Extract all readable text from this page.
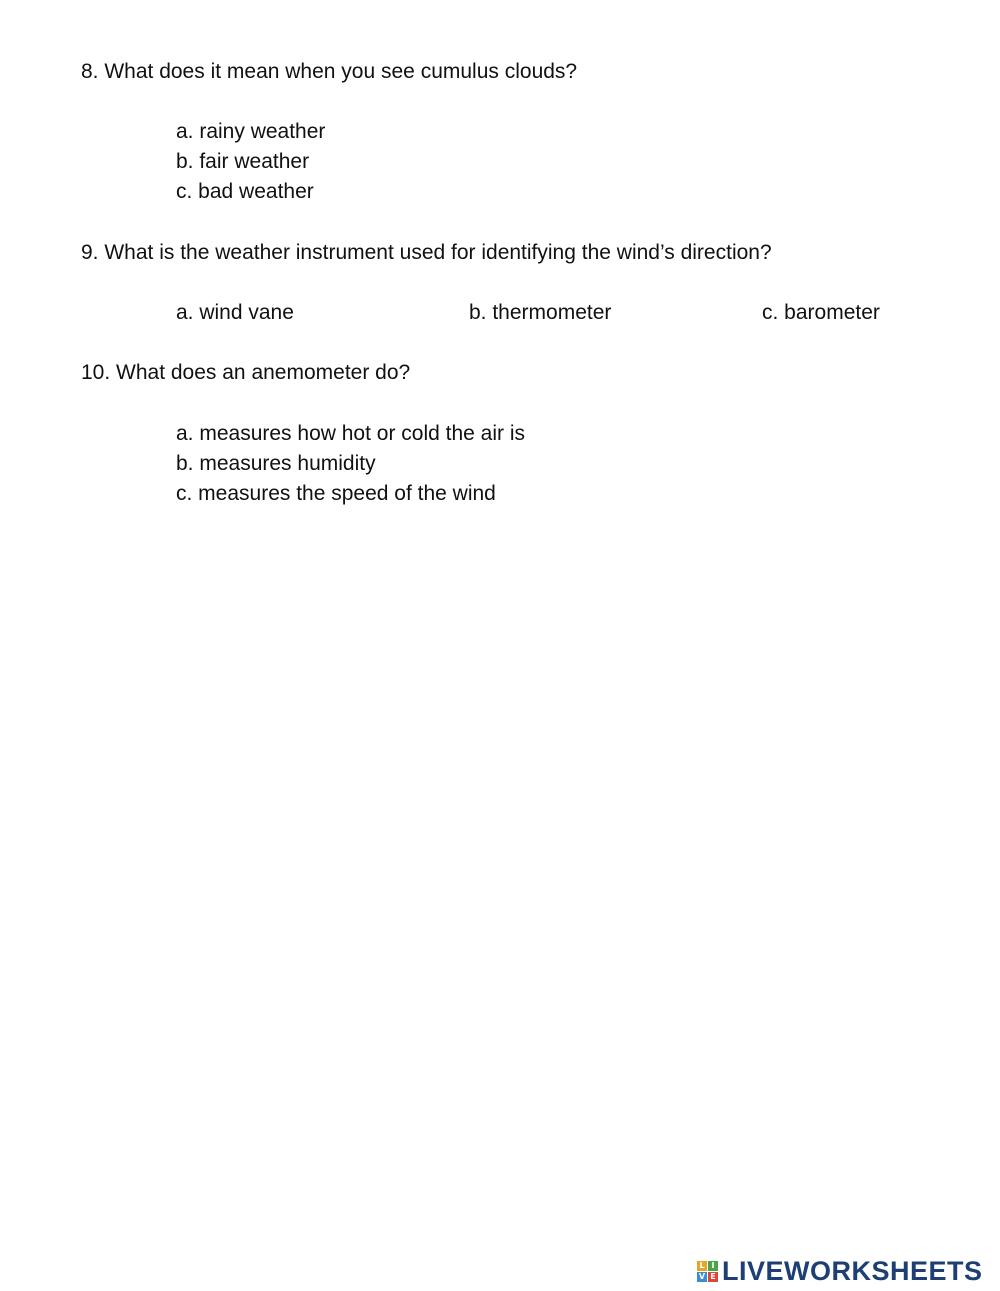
8. What does it mean when you see cumulus clouds?
a. rainy weather
b. fair weather
c. bad weather
9. What is the weather instrument used for identifying the wind’s direction?
a. wind vane	b. thermometer	c. barometer
10. What does an anemometer do?
a. measures how hot or cold the air is
b. measures humidity
c. measures the speed of the wind
L I
V E LIVEWORKSHEETS
